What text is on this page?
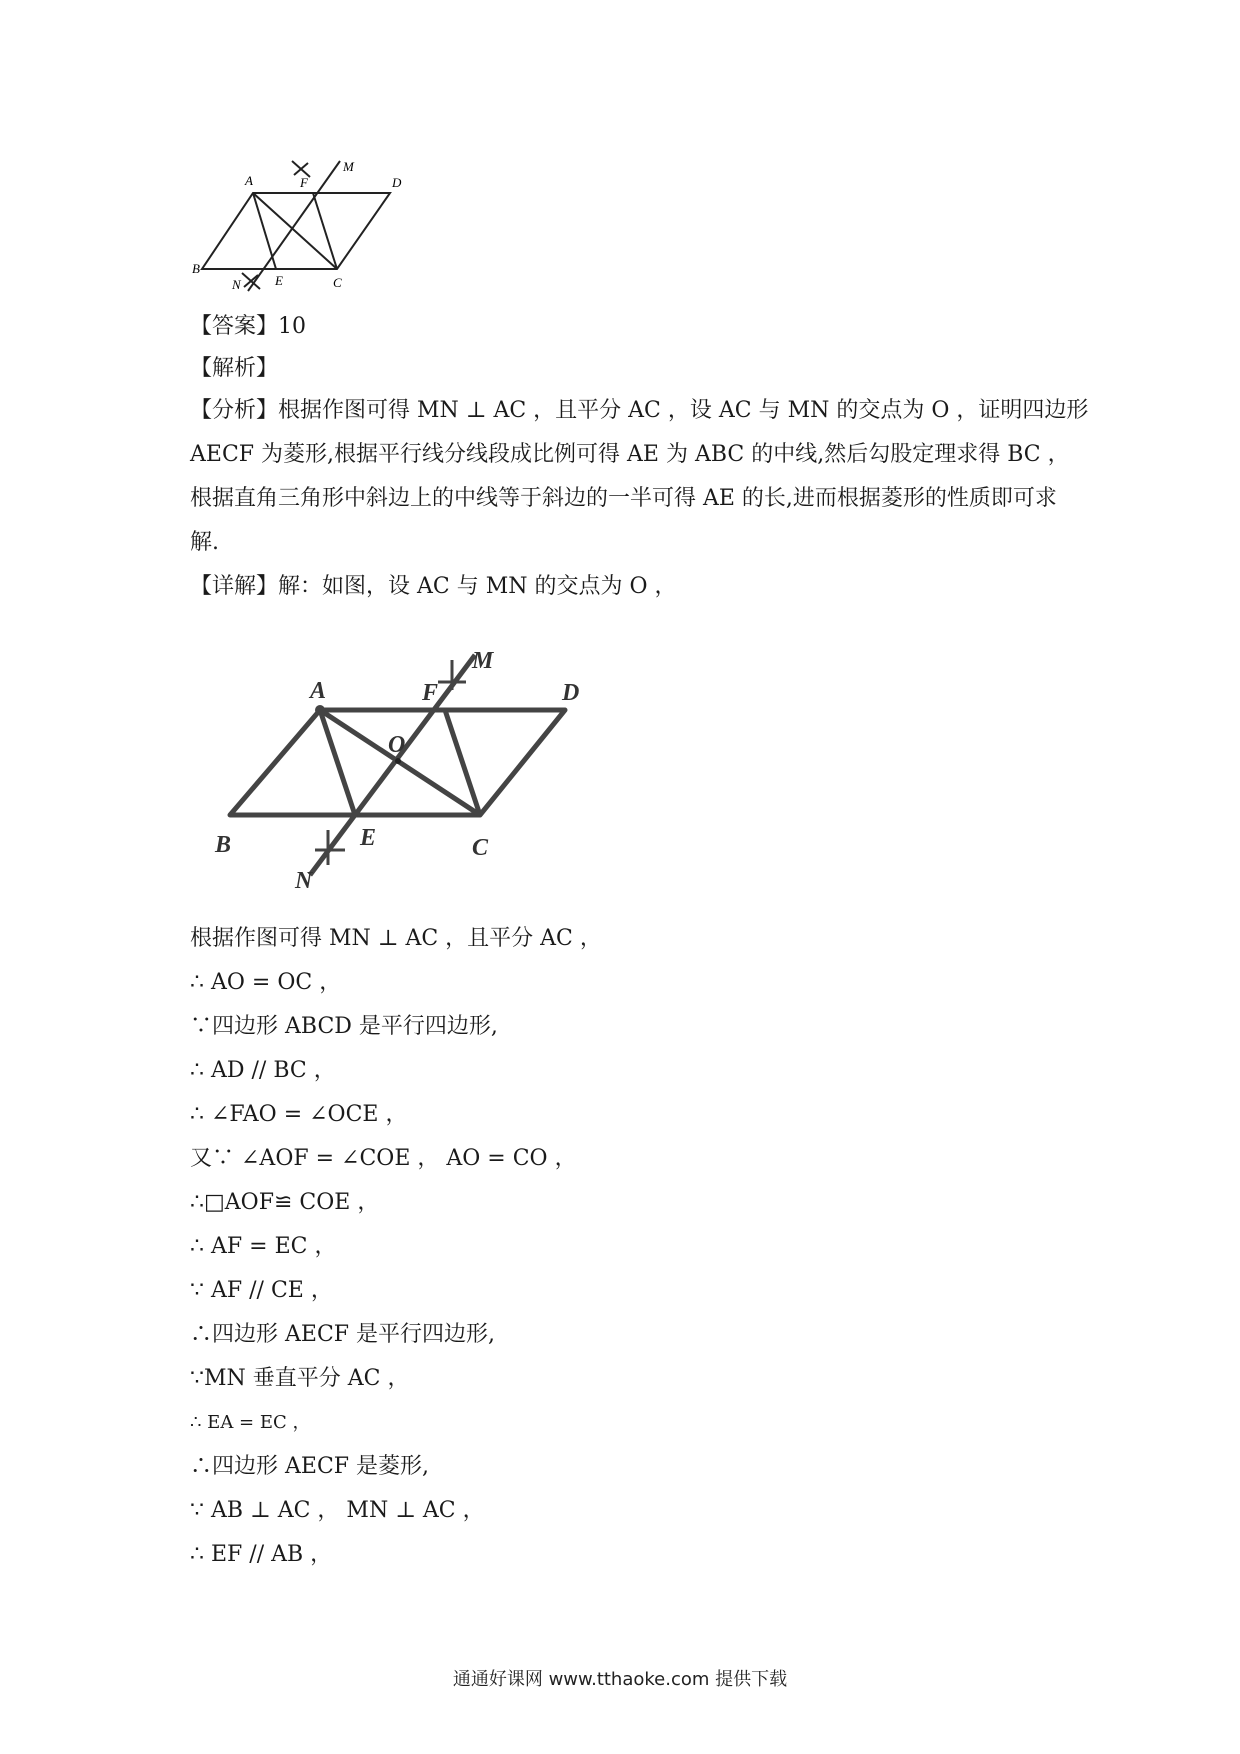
A	F
M
D
B
N	E	C
【答案】10
【解析】
【分析】根据作图可得 MN ⊥ AC ，且平分 AC ，设 AC 与 MN 的交点为 O ，证明四边形
AECF 为菱形,根据平行线分线段成比例可得 AE 为 ABC 的中线,然后勾股定理求得 BC ，
根据直角三角形中斜边上的中线等于斜边的一半可得 AE 的长,进而根据菱形的性质即可求
解.
【详解】解：如图，设 AC 与 MN 的交点为 O ，
A	F
M
D
O
B
N
E	C
根据作图可得 MN ⊥ AC ，且平分 AC ，
∴ AO = OC ，
∵四边形 ABCD 是平行四边形,
∴ AD // BC ，
∴ ∠FAO = ∠OCE ，
又∵ ∠AOF = ∠COE ， AO = CO ，
∴□AOF≌ COE ，
∴ AF = EC ，
∵ AF // CE ，
∴四边形 AECF 是平行四边形,
∵MN 垂直平分 AC ，
∴ EA = EC ，
∴四边形 AECF 是菱形,
∵ AB ⊥ AC ， MN ⊥ AC ，
∴ EF // AB ，
通通好课网 www.tthaoke.com 提供下载
